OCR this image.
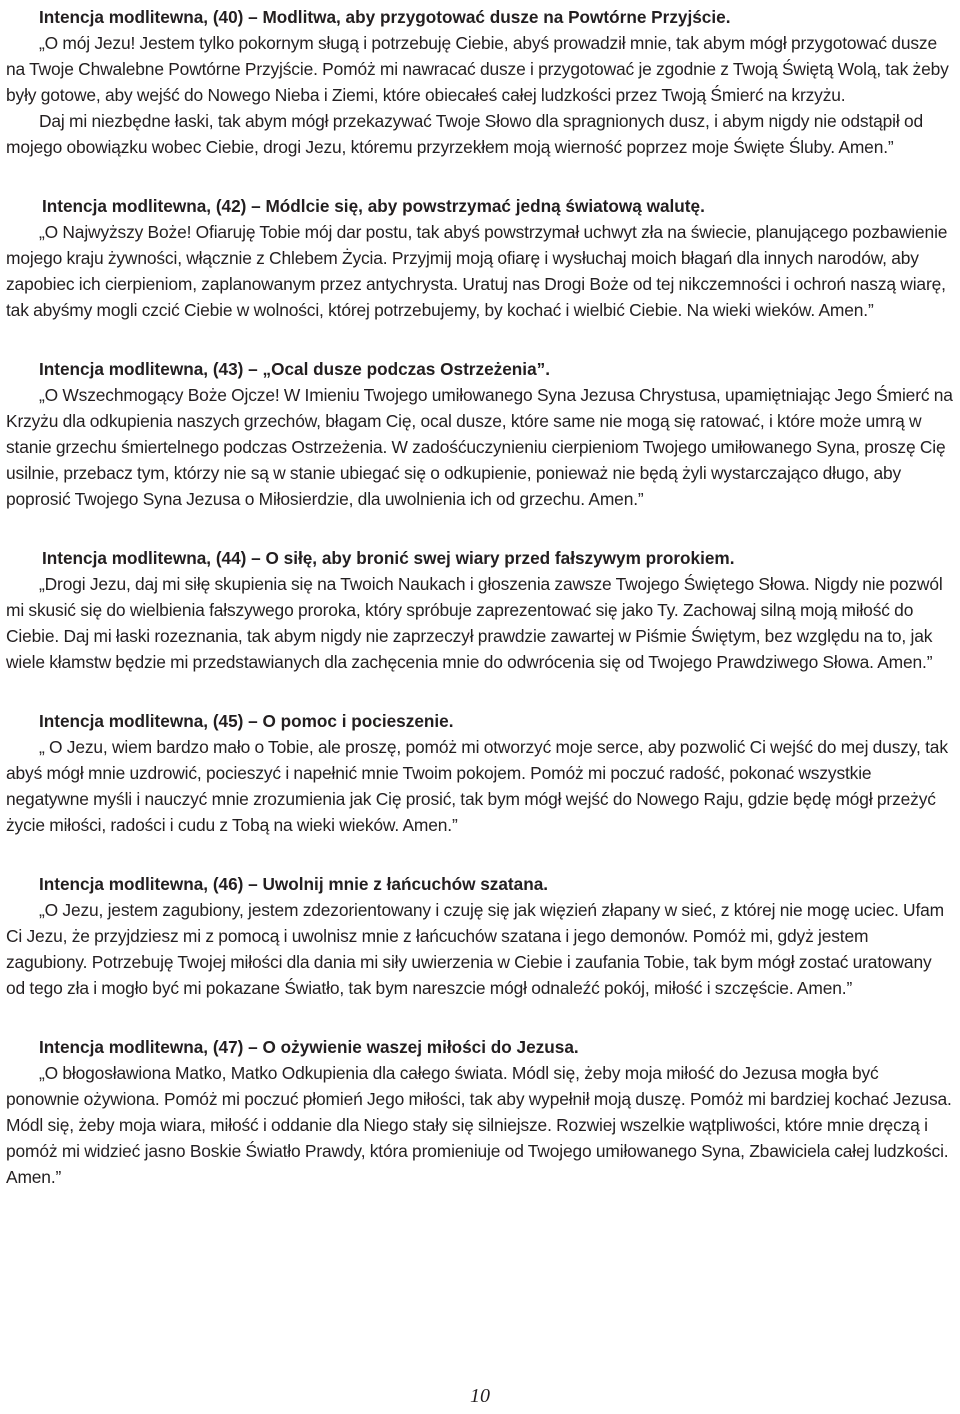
Intencja modlitewna, (40) – Modlitwa, aby przygotować dusze na Powtórne Przyjście.

„O mój Jezu! Jestem tylko pokornym sługą i potrzebuję Ciebie, abyś prowadził mnie, tak abym mógł przygotować dusze na Twoje Chwalebne Powtórne Przyjście. Pomóż mi nawracać dusze i przygotować je zgodnie z Twoją Świętą Wolą, tak żeby były gotowe, aby wejść do Nowego Nieba i Ziemi, które obiecałeś całej ludzkości przez Twoją Śmierć na krzyżu.

Daj mi niezbędne łaski, tak abym mógł przekazywać Twoje Słowo dla spragnionych dusz, i abym nigdy nie odstąpił od mojego obowiązku wobec Ciebie, drogi Jezu, któremu przyrzekłem moją wierność poprzez moje Święte Śluby. Amen.”

Intencja modlitewna, (42) – Módlcie się, aby powstrzymać jedną światową walutę.

„O Najwyższy Boże! Ofiaruję Tobie mój dar postu, tak abyś powstrzymał uchwyt zła na świecie, planującego pozbawienie mojego kraju żywności, włącznie z Chlebem Życia. Przyjmij moją ofiarę i wysłuchaj moich błagań dla innych narodów, aby zapobiec ich cierpieniom, zaplanowanym przez antychrysta. Uratuj nas Drogi Boże od tej nikczemności i ochroń naszą wiarę, tak abyśmy mogli czcić Ciebie w wolności, której potrzebujemy, by kochać i wielbić Ciebie. Na wieki wieków. Amen.”

Intencja modlitewna, (43) – „Ocal dusze podczas Ostrzeżenia”.

„O Wszechmogący Boże Ojcze! W Imieniu Twojego umiłowanego Syna Jezusa Chrystusa, upamiętniając Jego Śmierć na Krzyżu dla odkupienia naszych grzechów, błagam Cię, ocal dusze, które same nie mogą się ratować, i które może umrą w stanie grzechu śmiertelnego podczas Ostrzeżenia. W zadośćuczynieniu cierpieniom Twojego umiłowanego Syna, proszę Cię usilnie, przebacz tym, którzy nie są w stanie ubiegać się o odkupienie, ponieważ nie będą żyli wystarczająco długo, aby poprosić Twojego Syna Jezusa o Miłosierdzie, dla uwolnienia ich od grzechu. Amen.”

Intencja modlitewna, (44) – O siłę, aby bronić swej wiary przed fałszywym prorokiem.

„Drogi Jezu, daj mi siłę skupienia się na Twoich Naukach i głoszenia zawsze Twojego Świętego Słowa. Nigdy nie pozwól mi skusić się do wielbienia fałszywego proroka, który spróbuje zaprezentować się jako Ty. Zachowaj silną moją miłość do Ciebie. Daj mi łaski rozeznania, tak abym nigdy nie zaprzeczył prawdzie zawartej w Piśmie Świętym, bez względu na to, jak wiele kłamstw będzie mi przedstawianych dla zachęcenia mnie do odwrócenia się od Twojego Prawdziwego Słowa. Amen.”

Intencja modlitewna, (45) – O pomoc i pocieszenie.

„ O Jezu, wiem bardzo mało o Tobie, ale proszę, pomóż mi otworzyć moje serce, aby pozwolić Ci wejść do mej duszy, tak abyś mógł mnie uzdrowić, pocieszyć i napełnić mnie Twoim pokojem. Pomóż mi poczuć radość, pokonać wszystkie negatywne myśli i nauczyć mnie zrozumienia jak Cię prosić, tak bym mógł wejść do Nowego Raju, gdzie będę mógł przeżyć życie miłości, radości i cudu z Tobą na wieki wieków. Amen.”

Intencja modlitewna, (46) – Uwolnij mnie z łańcuchów szatana.

„O Jezu, jestem zagubiony, jestem zdezorientowany i czuję się jak więzień złapany w sieć, z której nie mogę uciec. Ufam Ci Jezu, że przyjdziesz mi z pomocą i uwolnisz mnie z łańcuchów szatana i jego demonów. Pomóż mi, gdyż jestem zagubiony. Potrzebuję Twojej miłości dla dania mi siły uwierzenia w Ciebie i zaufania Tobie, tak bym mógł zostać uratowany od tego zła i mogło być mi pokazane Światło, tak bym nareszcie mógł odnaleźć pokój, miłość i szczęście. Amen.”

Intencja modlitewna, (47) – O ożywienie waszej miłości do Jezusa.

„O błogosławiona Matko, Matko Odkupienia dla całego świata. Módl się, żeby moja miłość do Jezusa mogła być ponownie ożywiona. Pomóż mi poczuć płomień Jego miłości, tak aby wypełnił moją duszę. Pomóż mi bardziej kochać Jezusa. Módl się, żeby moja wiara, miłość i oddanie dla Niego stały się silniejsze. Rozwiej wszelkie wątpliwości, które mnie dręczą i pomóż mi widzieć jasno Boskie Światło Prawdy, która promieniuje od Twojego umiłowanego Syna, Zbawiciela całej ludzkości. Amen.”

10
